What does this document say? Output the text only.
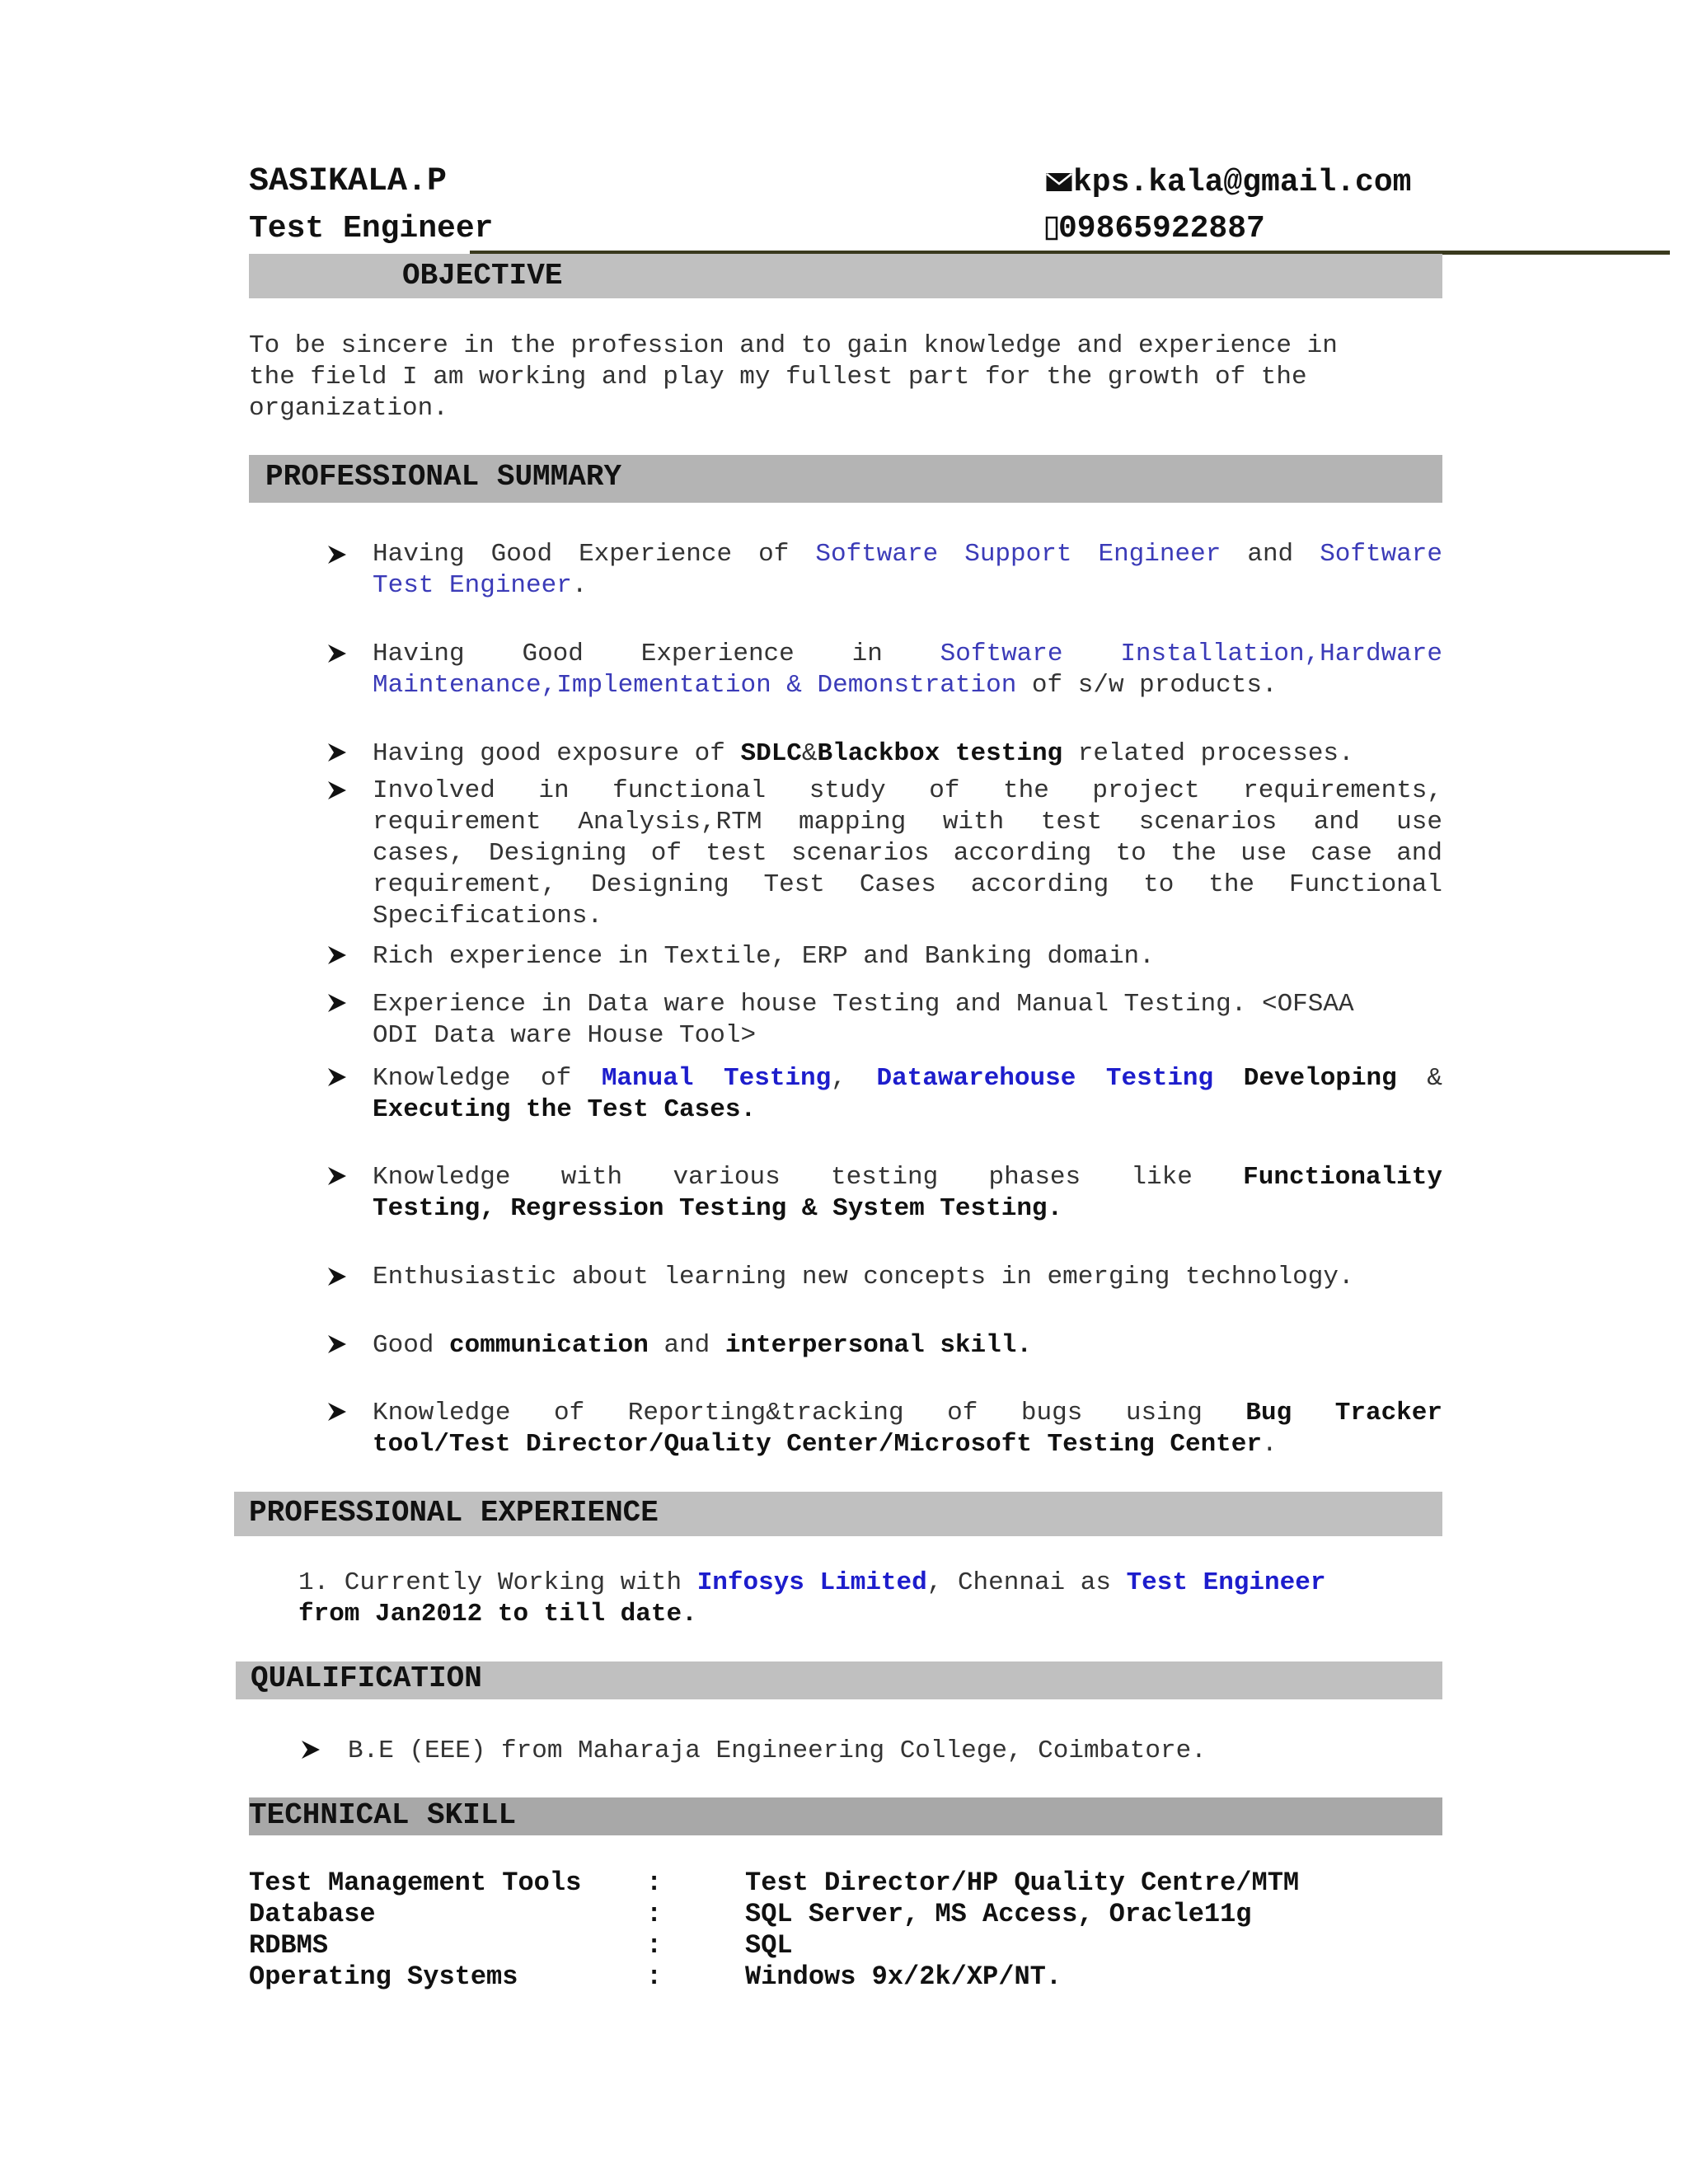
SASIKALA.P
Test Engineer
kps.kala@gmail.com
09865922887
OBJECTIVE
To be sincere in the profession and to gain knowledge and experience in
the field I am working and play my fullest part for the growth of the
organization.
PROFESSIONAL SUMMARY
Having Good Experience of Software Support Engineer and Software
Test Engineer.
Having Good Experience in Software Installation,Hardware
Maintenance,Implementation & Demonstration of s/w products.
Having good exposure of SDLC&Blackbox testing related processes.
Involved in functional study of the project requirements,
requirement Analysis,RTM mapping with test scenarios and use
cases, Designing of test scenarios according to the use case and
requirement, Designing Test Cases according to the Functional
Specifications.
Rich experience in Textile, ERP and Banking domain.
Experience in Data ware house Testing and Manual Testing. <OFSAA
ODI Data ware House Tool>
Knowledge of Manual Testing, Datawarehouse Testing Developing &
Executing the Test Cases.
Knowledge with various testing phases like Functionality
Testing, Regression Testing & System Testing.
Enthusiastic about learning new concepts in emerging technology.
Good communication and interpersonal skill.
Knowledge of Reporting&tracking of bugs using Bug Tracker
tool/Test Director/Quality Center/Microsoft Testing Center.
PROFESSIONAL EXPERIENCE
1. Currently Working with Infosys Limited, Chennai as Test Engineer
from Jan2012 to till date.
QUALIFICATION
B.E (EEE) from Maharaja Engineering College, Coimbatore.
TECHNICAL SKILL
Test Management Tools :	Test Director/HP Quality Centre/MTM
Database	:	SQL Server, MS Access, Oracle11g
RDBMS	:	SQL
Operating Systems	:	Windows 9x/2k/XP/NT.
